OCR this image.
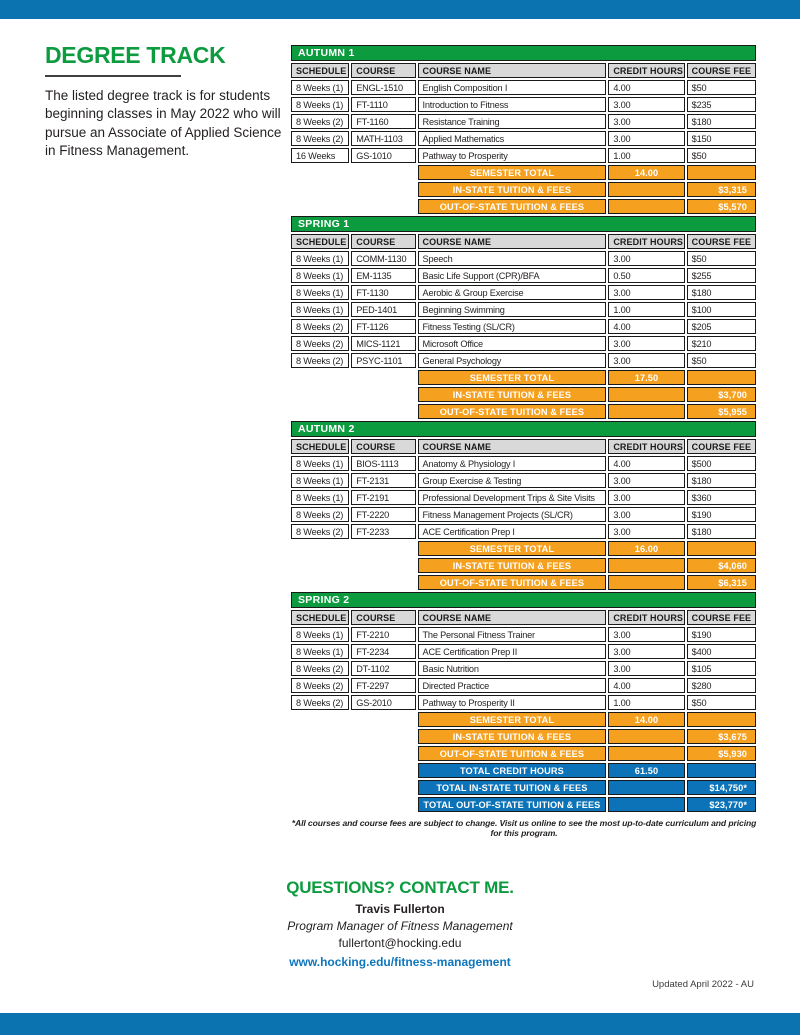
DEGREE TRACK

The listed degree track is for students beginning classes in May 2022 who will pursue an Associate of Applied Science in Fitness Management.

AUTUMN 1				
SCHEDULE	COURSE	COURSE NAME	CREDIT HOURS	COURSE FEE
8 Weeks (1)	ENGL-1510	English Composition I	4.00	$50
8 Weeks (1)	FT-1110	Introduction to Fitness	3.00	$235
8 Weeks (2)	FT-1160	Resistance Training	3.00	$180
8 Weeks (2)	MATH-1103	Applied Mathematics	3.00	$150
16 Weeks	GS-1010	Pathway to Prosperity	1.00	$50
		SEMESTER TOTAL	14.00	
		IN-STATE TUITION & FEES		$3,315
		OUT-OF-STATE TUITION & FEES		$5,570
SPRING 1				
SCHEDULE	COURSE	COURSE NAME	CREDIT HOURS	COURSE FEE
8 Weeks (1)	COMM-1130	Speech	3.00	$50
8 Weeks (1)	EM-1135	Basic Life Support (CPR)/BFA	0.50	$255
8 Weeks (1)	FT-1130	Aerobic & Group Exercise	3.00	$180
8 Weeks (1)	PED-1401	Beginning Swimming	1.00	$100
8 Weeks (2)	FT-1126	Fitness Testing (SL/CR)	4.00	$205
8 Weeks (2)	MICS-1121	Microsoft Office	3.00	$210
8 Weeks (2)	PSYC-1101	General Psychology	3.00	$50
		SEMESTER TOTAL	17.50	
		IN-STATE TUITION & FEES		$3,700
		OUT-OF-STATE TUITION & FEES		$5,955
AUTUMN 2				
SCHEDULE	COURSE	COURSE NAME	CREDIT HOURS	COURSE FEE
8 Weeks (1)	BIOS-1113	Anatomy & Physiology I	4.00	$500
8 Weeks (1)	FT-2131	Group Exercise & Testing	3.00	$180
8 Weeks (1)	FT-2191	Professional Development Trips & Site Visits	3.00	$360
8 Weeks (2)	FT-2220	Fitness Management Projects (SL/CR)	3.00	$190
8 Weeks (2)	FT-2233	ACE Certification Prep I	3.00	$180
		SEMESTER TOTAL	16.00	
		IN-STATE TUITION & FEES		$4,060
		OUT-OF-STATE TUITION & FEES		$6,315
SPRING 2				
SCHEDULE	COURSE	COURSE NAME	CREDIT HOURS	COURSE FEE
8 Weeks (1)	FT-2210	The Personal Fitness Trainer	3.00	$190
8 Weeks (1)	FT-2234	ACE Certification Prep II	3.00	$400
8 Weeks (2)	DT-1102	Basic Nutrition	3.00	$105
8 Weeks (2)	FT-2297	Directed Practice	4.00	$280
8 Weeks (2)	GS-2010	Pathway to Prosperity II	1.00	$50
		SEMESTER TOTAL	14.00	
		IN-STATE TUITION & FEES		$3,675
		OUT-OF-STATE TUITION & FEES		$5,930
		TOTAL CREDIT HOURS	61.50	
		TOTAL IN-STATE TUITION & FEES		$14,750*
		TOTAL OUT-OF-STATE TUITION & FEES		$23,770*
*All courses and course fees are subject to change. Visit us online to see the most up-to-date curriculum and pricing for this program.

QUESTIONS? CONTACT ME.

Travis Fullerton

Program Manager of Fitness Management

fullertont@hocking.edu

www.hocking.edu/fitness-management
Updated April 2022 - AU
